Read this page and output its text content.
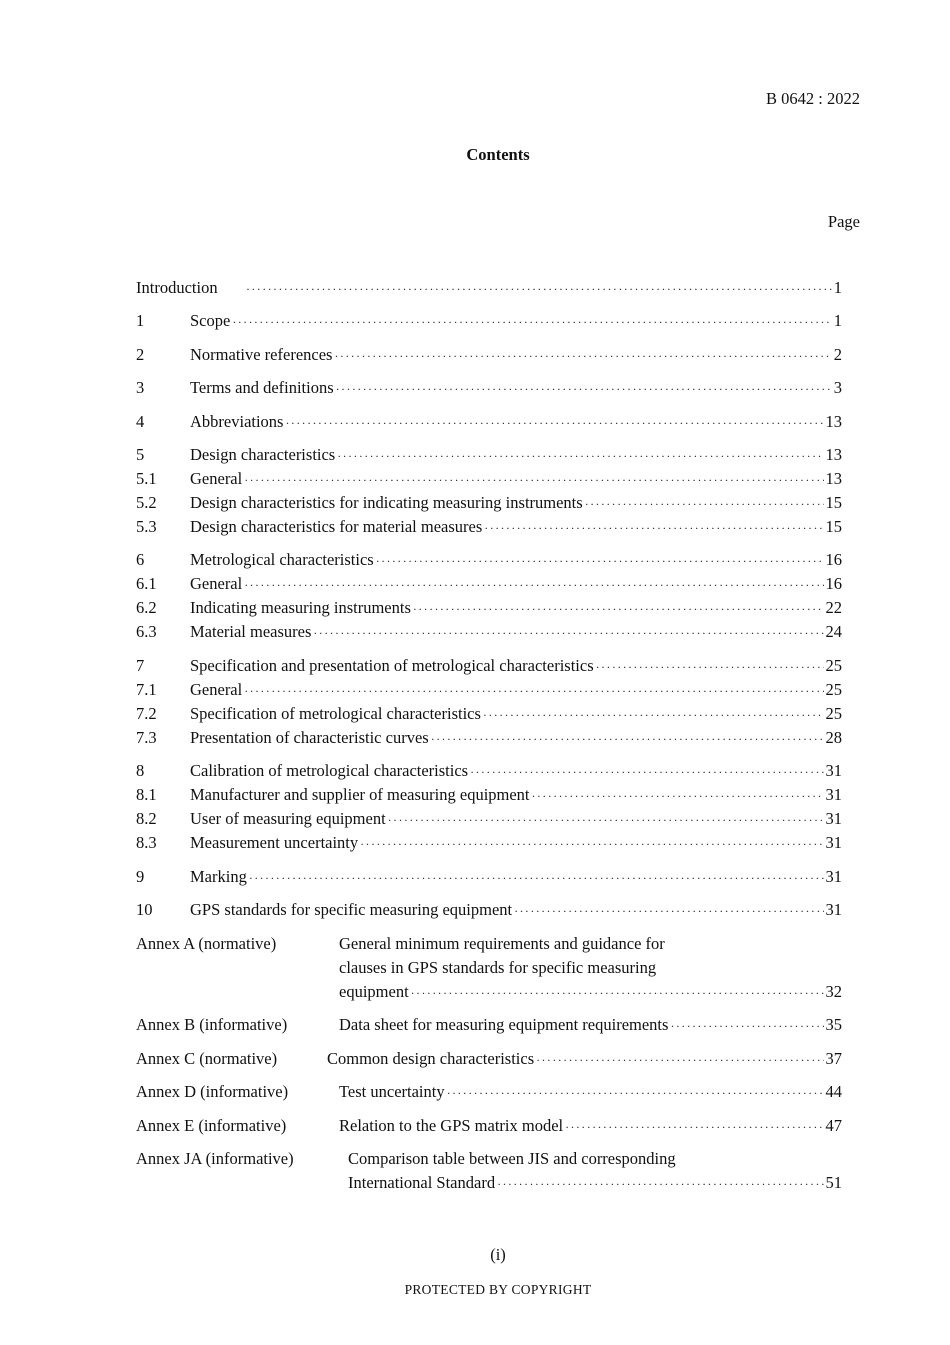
B 0642 : 2022
Contents
Page
Introduction ·····	1
1	Scope ·····	1
2	Normative references ·····	2
3	Terms and definitions ·····	3
4	Abbreviations ·····	13
5	Design characteristics ·····	13
5.1	General ·····	13
5.2	Design characteristics for indicating measuring instruments ·····	15
5.3	Design characteristics for material measures ·····	15
6	Metrological characteristics ·····	16
6.1	General ·····	16
6.2	Indicating measuring instruments ·····	22
6.3	Material measures ·····	24
7	Specification and presentation of metrological characteristics ·····	25
7.1	General ·····	25
7.2	Specification of metrological characteristics ·····	25
7.3	Presentation of characteristic curves ·····	28
8	Calibration of metrological characteristics ·····	31
8.1	Manufacturer and supplier of measuring equipment ·····	31
8.2	User of measuring equipment ·····	31
8.3	Measurement uncertainty ·····	31
9	Marking ·····	31
10	GPS standards for specific measuring equipment ·····	31
Annex A (normative)	General minimum requirements and guidance for
clauses in GPS standards for specific measuring
equipment ·····	32
Annex B (informative)	Data sheet for measuring equipment requirements ·····	35
Annex C (normative)	Common design characteristics ·····	37
Annex D (informative)	Test uncertainty ·····	44
Annex E (informative)	Relation to the GPS matrix model ·····	47
Annex JA (informative)	Comparison table between JIS and corresponding
International Standard ·····	51
(i)
PROTECTED BY COPYRIGHT
